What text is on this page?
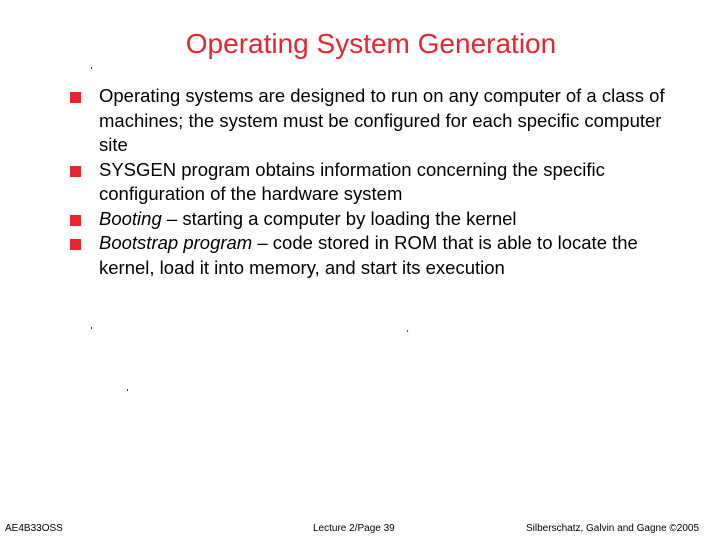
Operating System Generation
Operating systems are designed to run on any computer of a class of machines; the system must be configured for each specific computer site
SYSGEN program obtains information concerning the specific configuration of the hardware system
Booting – starting a computer by loading the kernel
Bootstrap program – code stored in ROM that is able to locate the kernel, load it into memory, and start its execution
AE4B33OSS	Lecture 2/Page 39	Silberschatz, Galvin and Gagne ©2005
